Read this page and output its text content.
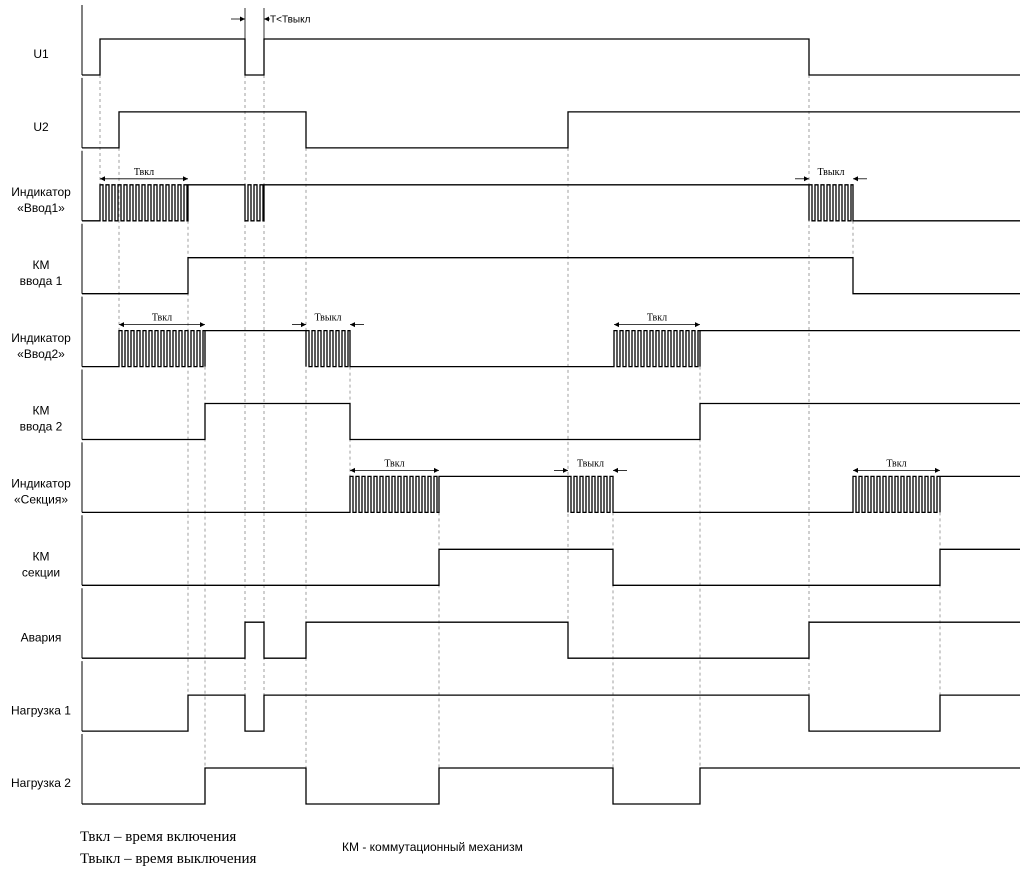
U1
U2
Индикатор
«Ввод1»
КМ
ввода 1
Индикатор
«Ввод2»
КМ
ввода 2
Индикатор
«Секция»
КМ
секции
Авария
Нагрузка 1
Нагрузка 2
Твкл	Твыкл
Твкл	Твыкл	Твкл
Твкл	Твыкл	Твкл
T<Твыкл
Твкл – время включения
Твыкл – время выключения
КМ - коммутационный механизм
